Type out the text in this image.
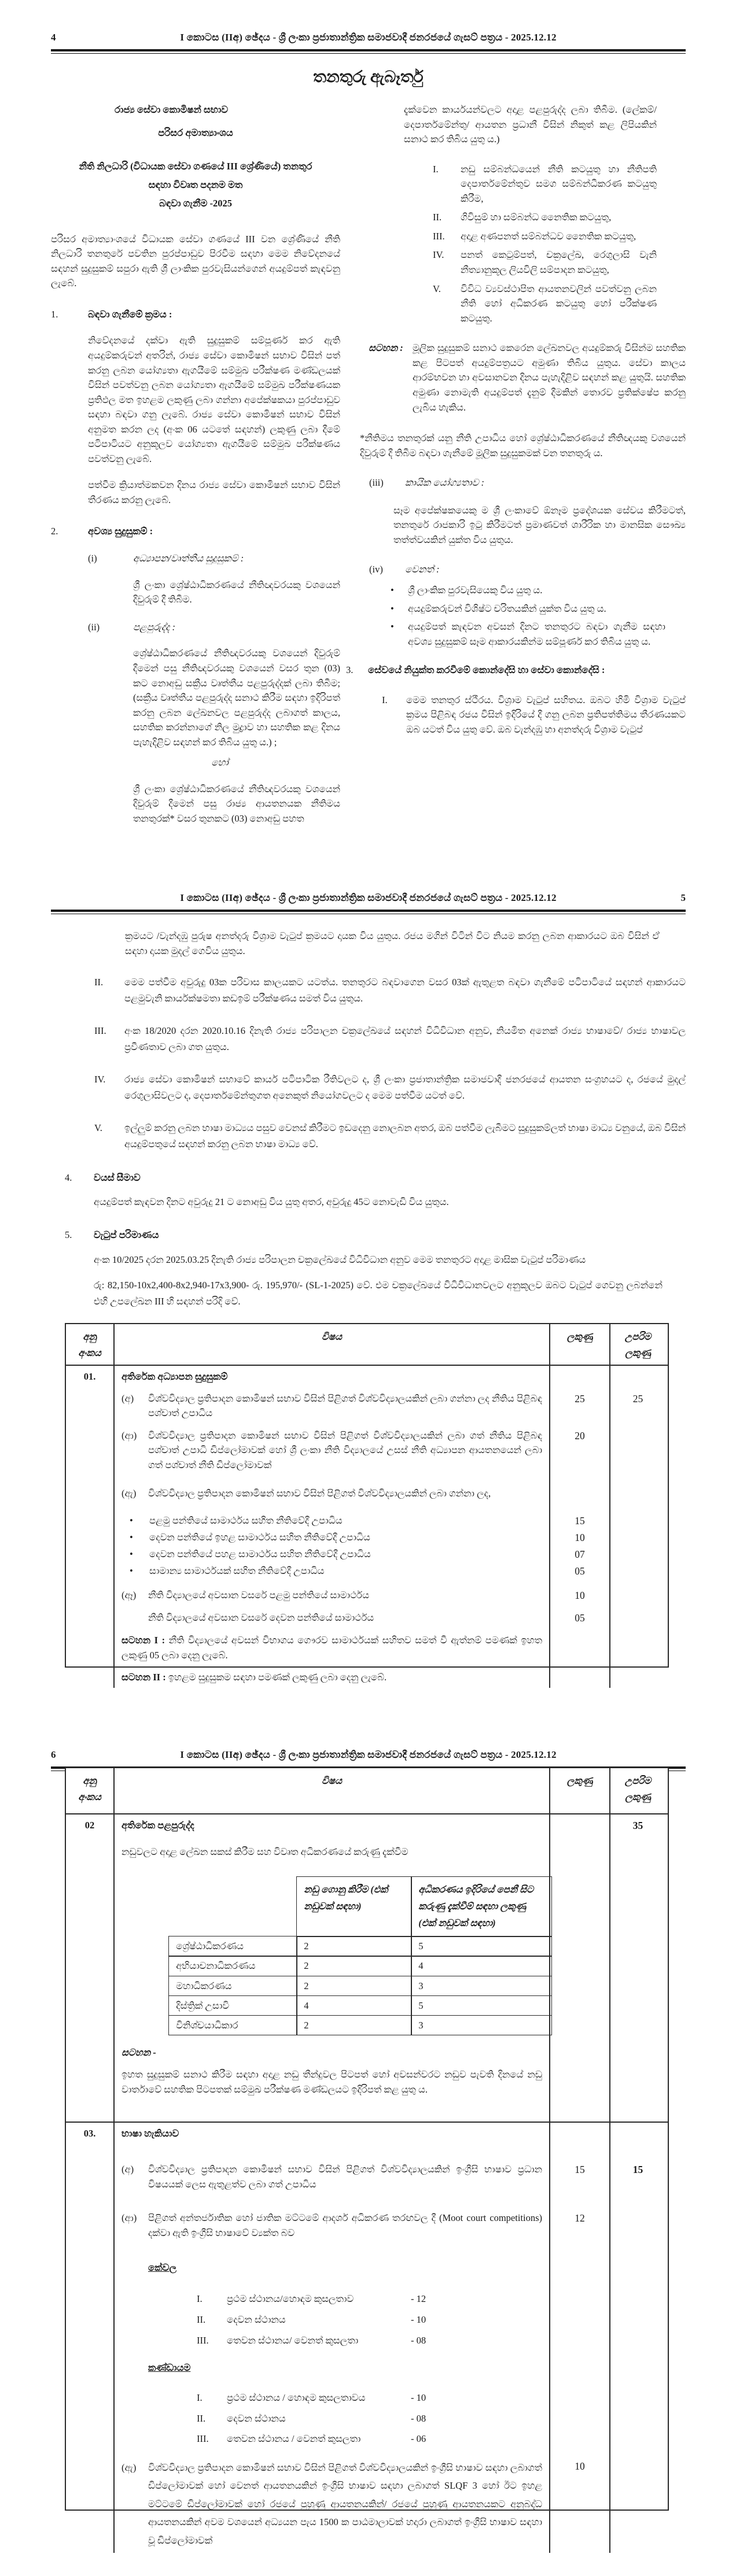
4	I කොටස (IIඅ) ඡේදය - ශ්‍රී ලංකා ප්‍රජාතාන්ත්‍රික සමාජවාදී ජනරජයේ ගැසට් පත්‍රය - 2025.12.12
තනතුරු ඇබෑර්තු

රාජ්‍ය සේවා කොමිෂන් සභාව

පරිසර අමාත්‍යාංශය

නීති නිලධාරි (විධායක සේවා ගණයේ III ශ්‍රේණියේ) තනතුර
සඳහා විවෘත පදනම මත
බඳවා ගැනීම -2025

පරිසර අමාත්‍යාංශයේ විධායක සේවා ගණයේ III වන ශ්‍රේණියේ නීති නිලධාරි තනතුරේ පවතින පුරප්පාඩුව පිරවීම සඳහා මෙම නිවේදනයේ සඳහන් සුදුසුකම් සපුරා ඇති ශ්‍රී ලාංකික පුරවැසියන්ගෙන් අයදුම්පත් කැඳවනු ලැබේ.

1.	බඳවා ගැනීමේ ක්‍රමය :

නිවේදනයේ දක්වා ඇති සුදුසුකම් සම්පූර්ණ කර ඇති අයදුම්කරුවන් අතරින්, රාජ්‍ය සේවා කොමිෂන් සභාව විසින් පත් කරනු ලබන යෝග්‍යතා ඇගයීමේ සම්මුඛ පරීක්ෂණ මණ්ඩලයක් විසින් පවත්වනු ලබන යෝග්‍යතා ඇගයීමේ සම්මුඛ පරීක්ෂණයක ප්‍රතිඵල මත ඉහළම ලකුණු ලබා ගන්නා අපේක්ෂකයා පුරප්පාඩුව සඳහා බඳවා ගනු ලැබේ. රාජ්‍ය සේවා කොමිෂන් සභාව විසින් අනුමත කරන ලද (අංක 06 යටතේ සඳහන්) ලකුණු ලබා දීමේ පටිපාටියට අනුකූලව යෝග්‍යතා ඇගයීමේ සම්මුඛ පරීක්ෂණය පවත්වනු ලැබේ.

පත්වීම ක්‍රියාත්මකවන දිනය රාජ්‍ය සේවා කොමිෂන් සභාව විසින් තීරණය කරනු ලැබේ.

2.	අවශ්‍ය සුදුසුකම් :
(i)	අධ්‍යාපන/වෘත්තීය සුදුසුකම් :

ශ්‍රී ලංකා ශ්‍රේෂ්ඨාධිකරණයේ නීතිඥවරයකු වශයෙන් දිවුරුම් දී තිබීම.

(ii)	පළපුරුද්ද :

ශ්‍රේෂ්ඨාධිකරණයේ නීතිඥවරයකු වශයෙන් දිවුරුම් දීමෙන් පසු නීතිඥවරයකු වශයෙන් වසර තුන (03) කට නොඅඩු සක්‍රීය වෘත්තීය පළපුරුද්දක් ලබා තිබීම; (සක්‍රීය වෘත්තීය පළපුරුද්ද සනාථ කිරීම සඳහා ඉදිරිපත් කරනු ලබන ලේඛනවල පළපුරුද්ද ලබාගත් කාලය, සහතික කරන්නාගේ නිල මුද්‍රාව හා සහතික කළ දිනය පැහැදිළිව සඳහන් කර තිබිය යුතු ය.) ;

හෝ

ශ්‍රී ලංකා ශ්‍රේෂ්ඨාධිකරණයේ නීතිඥවරයකු වශයෙන් දිවුරුම් දීමෙන් පසු රාජ්‍ය ආයතනයක නීතිමය තනතුරක්* වසර තුනකට (03) නොඅඩු පහත

දැක්වෙන කාර්යයන්වලට අදාළ පළපුරුද්ද ලබා තිබීම. (ලේකම්/ දෙපාර්තමේන්තු/ ආයතන ප්‍රධානී විසින් නිකුත් කළ ලිපියකින් සනාථ කර තිබිය යුතු ය.)

I.	නඩු සම්බන්ධයෙන් නීති කටයුතු හා නීතිපති දෙපාර්තමේන්තුව සමග සම්බන්ධීකරණ කටයුතු කිරීම,
II.	ගිවිසුම් හා සම්බන්ධ නෛතික කටයුතු,
III.	අදාළ අණපනත් සම්බන්ධව නෛතික කටයුතු,
IV.	පනත් කෙටුම්පත්, චක්‍රලේඛ, රෙගුලාසි වැනි නීත්‍යානුකූල ලියවිලි සම්පාදන කටයුතු,
V.	විවිධ ව්‍යවස්ථාපිත ආයතනවලින් පවත්වනු ලබන නීති හෝ අධිකරණ කටයුතු හෝ පරීක්ෂණ කටයුතු.
සටහන : මූලික සුදුසුකම් සනාථ කෙරෙන ලේඛනවල අයදුම්කරු විසින්ම සහතික කළ පිටපත් අයදුම්පත්‍රයට අමුණා තිබිය යුතුය. සේවා කාලය ආරම්භවන හා අවසානවන දිනය පැහැදිළිව සඳහන් කළ යුතුයි. සහතික අමුණා නොමැති අයදුම්පත් දැනුම් දීමකින් තොරව ප්‍රතික්ෂේප කරනු ලැබිය හැකිය.

*නීතිමය තනතුරක් යනු නීති උපාධිය හෝ ශ්‍රේෂ්ඨාධිකරණයේ නීතිඥයකු වශයෙන් දිවුරුම් දී තිබීම බඳවා ගැනීමේ මූලික සුදුසුකමක් වන තනතුරු ය.

(iii)	කායික යෝග්‍යතාව :

සෑම අපේක්ෂකයෙකු ම ශ්‍රී ලංකාවේ ඕනෑම ප්‍රදේශයක සේවය කිරීමටත්, තනතුරේ රාජකාරි ඉටු කිරීමටත් ප්‍රමාණවත් ශාරීරික හා මානසික සෞඛ්‍ය තත්ත්වයකින් යුක්ත විය යුතුය.

(iv)	වෙනත් :
•	ශ්‍රී ලාංකික පුරවැසියෙකු විය යුතු ය.
•	අයදුම්කරුවන් විශිෂ්ට චරිතයකින් යුක්ත විය යුතු ය.
•	අයදුම්පත් කැඳවන අවසන් දිනට තනතුරට බඳවා ගැනීම සඳහා අවශ්‍ය සුදුසුකම් සෑම ආකාරයකින්ම සම්පූර්ණ කර තිබිය යුතු ය.
3.	සේවයේ නියුක්ත කරවීමේ කොන්දේසි හා සේවා කොන්දේසි :
I.	මෙම තනතුර ස්ථීරය. විශ්‍රාම වැටුප් සහිතය. ඔබට හිමි විශ්‍රාම වැටුප් ක්‍රමය පිළිබඳ රජය විසින් ඉදිරියේ දී ගනු ලබන ප්‍රතිපත්තිමය තීරණයකට ඔබ යටත් විය යුතු වේ. ඔබ වැන්දඹු හා අනත්දරු විශ්‍රාම වැටුප්
I කොටස (IIඅ) ඡේදය - ශ්‍රී ලංකා ප්‍රජාතාන්ත්‍රික සමාජවාදී ජනරජයේ ගැසට් පත්‍රය - 2025.12.12	5

ක්‍රමයට /වැන්දඹු පුරුෂ අනත්දරු විශ්‍රාම වැටුප් ක්‍රමයට දායක විය යුතුය. රජය මගින් විටින් විට නියම කරනු ලබන ආකාරයට ඔබ විසින් ඒ සඳහා දායක මුදල් ගෙවිය යුතුය.

II.	මෙම පත්වීම අවුරුදු 03ක පරිවාස කාලයකට යටත්ය. තනතුරට බඳවාගෙන වසර 03ක් ඇතුළත බඳවා ගැනීමේ පටිපාටියේ සඳහන් ආකාරයට පළමුවැනි කාර්යක්ෂමතා කඩඉම් පරීක්ෂණය සමත් විය යුතුය.
III.	අංක 18/2020 දරන 2020.10.16 දිනැති රාජ්‍ය පරිපාලන චක්‍රලේඛයේ සඳහන් විධිවිධාන අනුව, නියමිත අනෙක් රාජ්‍ය භාෂාවේ/ රාජ්‍ය භාෂාවල ප්‍රවීණතාව ලබා ගත යුතුය.
IV.	රාජ්‍ය සේවා කොමිෂන් සභාවේ කාර්ය පටිපාටික රීතිවලට ද, ශ්‍රී ලංකා ප්‍රජාතාන්ත්‍රික සමාජවාදී ජනරජයේ ආයතන සංග්‍රහයට ද, රජයේ මුදල් රෙගුලාසිවලට ද, දෙපාර්තමේන්තුගත අනෙකුත් නියෝගවලට ද මෙම පත්වීම යටත් වේ.
V.	ඉල්ලුම් කරනු ලබන භාෂා මාධ්‍යය පසුව වෙනස් කිරීමට ඉඩදෙනු නොලබන අතර, ඔබ පත්වීම ලැබීමට සුදුසුකම්ලත් භාෂා මාධ්‍ය වනුයේ, ඔබ විසින් අයදුම්පතුයේ සඳහන් කරනු ලබන භාෂා මාධ්‍ය වේ.
4.	වයස් සීමාව

අයදුම්පත් කැඳවන දිනට අවුරුදු 21 ට නොඅඩු විය යුතු අතර, අවුරුදු 45ට නොවැඩි විය යුතුය.

5.	වැටුප් පරිමාණය

අංක 10/2025 දරන 2025.03.25 දිනැති රාජ්‍ය පරිපාලන චක්‍රලේඛයේ විධිවිධාන අනුව මෙම තනතුරට අදාළ මාසික වැටුප් පරිමාණය

රු: 82,150-10x2,400-8x2,940-17x3,900- රු. 195,970/- (SL-1-2025) වේ. එම චක්‍රලේඛයේ විධිවිධානවලට අනුකූලව ඔබට වැටුප් ගෙවනු ලබන්නේ එහි උපලේඛන III හි සඳහන් පරිදි වේ.

අනු
අංකය
විෂය	ලකුණු	උපරිම
ලකුණු
01.	අතිරේක අධ්‍යාපන සුදුසුකම්
(අ) විශ්වවිද්‍යාල ප්‍රතිපාදන කොමිෂන් සභාව විසින් පිළිගත් විශ්වවිද්‍යාලයකින් ලබා ගන්නා ලද නීතිය පිළිබඳ පශ්චාත් උපාධිය
25	25
(ආ) විශ්වවිද්‍යාල ප්‍රතිපාදන කොමිෂන් සභාව විසින් පිළිගත් විශ්වවිද්‍යාලයකින් ලබා ගත් නීතිය පිළිබඳ පශ්චාත් උපාධි ඩිප්ලෝමාවක් හෝ ශ්‍රී ලංකා නීති විද්‍යාලයේ උසස් නීති අධ්‍යාපන ආයතනයෙන් ලබා ගත් පශ්චාත් නීති ඩිප්ලෝමාවක්
20
(ඇ) විශ්වවිද්‍යාල ප්‍රතිපාදන කොමිෂන් සභාව විසින් පිළිගත් විශ්වවිද්‍යාලයකින් ලබා ගන්නා ලද,
•	පළමු පන්තියේ සාමාර්ථය සහිත නීතිවේදී උපාධිය	15
•	දෙවන පන්තියේ ඉහළ සාමාර්ථය සහිත නීතිවේදී උපාධිය	10
•	දෙවන පන්තියේ පහළ සාමාර්ථය සහිත නීතිවේදී උපාධිය	07
•	සාමාන්‍ය සාමාර්ථයක් සහිත නීතිවේදී උපාධිය	05
(ඈ) නීති විද්‍යාලයේ අවසාන වසරේ පළමු පන්තියේ සාමාර්ථය	10
නීති විද්‍යාලයේ අවසාන වසරේ දෙවන පන්තියේ සාමාර්ථය	05
සටහන I : නීති විද්‍යාලයේ අවසන් විභාගය ගෞරව සාමාර්ථයක් සහිතව සමත් වී ඇත්නම් පමණක් ඉහත ලකුණු 05 ලබා දෙනු ලැබේ.
සටහන II : ඉහළම සුදුසුකම සඳහා පමණක් ලකුණු ලබා දෙනු ලැබේ.
6	I කොටස (IIඅ) ඡේදය - ශ්‍රී ලංකා ප්‍රජාතාන්ත්‍රික සමාජවාදී ජනරජයේ ගැසට් පත්‍රය - 2025.12.12
අනු
අංකය
විෂය	ලකුණු	උපරිම
ලකුණු
02	අතිරේක පළපුරුද්ද	35
නඩුවලට අදාළ ලේඛන සකස් කිරීම සහ විවෘත අධිකරණයේ කරුණු දැක්වීම
නඩු ගොනු කිරීම (එක් නඩුවක් සඳහා)
අධිකරණය ඉදිරියේ පෙනී සිට කරුණු දැක්වීම් සඳහා ලකුණු (එක් නඩුවක් සඳහා)
ශ්‍රේෂ්ඨාධිකරණය	2	5
අභියාචනාධිකරණය	2	4
මහාධිකරණය	2	3
දිස්ත්‍රික් උසාවි	4	5
විනිශ්චයාධිකාර	2	3
සටහන -
ඉහත සුදුසුකම් සනාථ කිරීම සඳහා අදාළ නඩු තීන්දුවල පිටපත් හෝ අවසන්වරට නඩුව පැවති දිනයේ නඩු වාර්තාවේ සහතික පිටපතක් සම්මුඛ පරීක්ෂණ මණ්ඩලයට ඉදිරිපත් කළ යුතු ය.
03.	භාෂා හැකියාව
(අ) විශ්වවිද්‍යාල ප්‍රතිපාදන කොමිෂන් සභාව විසින් පිළිගත් විශ්වවිද්‍යාලයකින් ඉංග්‍රීසි භාෂාව ප්‍රධාන විෂයයක් ලෙස ඇතුළත්ව ලබා ගත් උපාධිය
15	15
(ආ) පිළිගත් අන්තර්ජාතික හෝ ජාතික මට්ටමේ ආදර්ශ අධිකරණ තරඟවල දී (Moot court competitions) දක්වා ඇති ඉංග්‍රීසි භාෂාවේ ව්‍යක්ත බව
12
කේවල
I.	ප්‍රථම ස්ථානය/හොඳම කුසලතාව	- 12
II.	දෙවන ස්ථානය	- 10
III.	තෙවන ස්ථානය/ වෙනත් කුසලතා	- 08
කණ්ඩායම
I.	ප්‍රථම ස්ථානය / හොඳම කුසලතාවය	- 10
II.	දෙවන ස්ථානය	- 08
III.	තෙවන ස්ථානය / වෙනත් කුසලතා	- 06
(ඇ) විශ්වවිද්‍යාල ප්‍රතිපාදන කොමිෂන් සභාව විසින් පිළිගත් විශ්වවිද්‍යාලයකින් ඉංග්‍රීසි භාෂාව සඳහා ලබාගත් ඩිප්ලෝමාවක් හෝ වෙනත් ආයතනයකින් ඉංග්‍රීසි භාෂාව සඳහා ලබාගත් SLQF 3 හෝ ඊට ඉහළ මට්ටමේ ඩිප්ලෝමාවක් හෝ රජයේ පුහුණු ආයතනයකින්/ රජයේ පුහුණු ආයතනයකට අනුබද්ධ ආයතනයකින් අවම වශයෙන් අධ්‍යයන පැය 1500 ක පාඨමාලාවක් හදාරා ලබාගත් ඉංග්‍රීසි භාෂාව සඳහා වූ ඩිප්ලෝමාවක්
10
